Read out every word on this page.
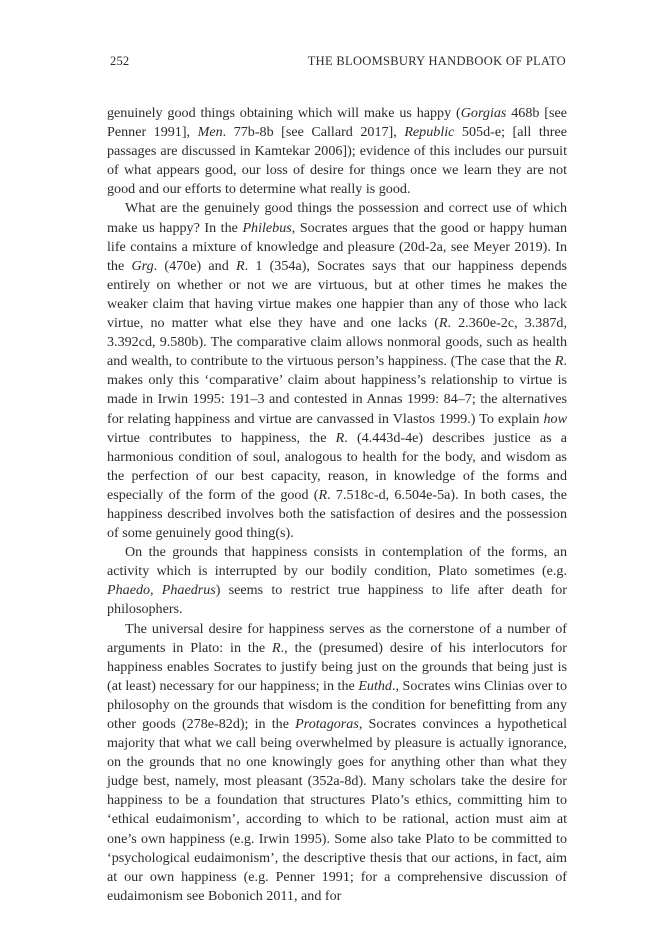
252	THE BLOOMSBURY HANDBOOK OF PLATO

genuinely good things obtaining which will make us happy (Gorgias 468b [see Penner 1991], Men. 77b-8b [see Callard 2017], Republic 505d-e; [all three passages are discussed in Kamtekar 2006]); evidence of this includes our pursuit of what appears good, our loss of desire for things once we learn they are not good and our efforts to determine what really is good.

What are the genuinely good things the possession and correct use of which make us happy? In the Philebus, Socrates argues that the good or happy human life contains a mixture of knowledge and pleasure (20d-2a, see Meyer 2019). In the Grg. (470e) and R. 1 (354a), Socrates says that our happiness depends entirely on whether or not we are virtuous, but at other times he makes the weaker claim that having virtue makes one happier than any of those who lack virtue, no matter what else they have and one lacks (R. 2.360e-2c, 3.387d, 3.392cd, 9.580b). The comparative claim allows nonmoral goods, such as health and wealth, to contribute to the virtuous person’s happiness. (The case that the R. makes only this ‘comparative’ claim about happiness’s relationship to virtue is made in Irwin 1995: 191–3 and contested in Annas 1999: 84–7; the alternatives for relating happiness and virtue are canvassed in Vlastos 1999.) To explain how virtue contributes to happiness, the R. (4.443d-4e) describes justice as a harmonious condition of soul, analogous to health for the body, and wisdom as the perfection of our best capacity, reason, in knowledge of the forms and especially of the form of the good (R. 7.518c-d, 6.504e-5a). In both cases, the happiness described involves both the satisfaction of desires and the possession of some genuinely good thing(s).

On the grounds that happiness consists in contemplation of the forms, an activity which is interrupted by our bodily condition, Plato sometimes (e.g. Phaedo, Phaedrus) seems to restrict true happiness to life after death for philosophers.

The universal desire for happiness serves as the cornerstone of a number of arguments in Plato: in the R., the (presumed) desire of his interlocutors for happiness enables Socrates to justify being just on the grounds that being just is (at least) necessary for our happiness; in the Euthd., Socrates wins Clinias over to philosophy on the grounds that wisdom is the condition for benefitting from any other goods (278e-82d); in the Protagoras, Socrates convinces a hypothetical majority that what we call being overwhelmed by pleasure is actually ignorance, on the grounds that no one knowingly goes for anything other than what they judge best, namely, most pleasant (352a-8d). Many scholars take the desire for happiness to be a foundation that structures Plato’s ethics, committing him to ‘ethical eudaimonism’, according to which to be rational, action must aim at one’s own happiness (e.g. Irwin 1995). Some also take Plato to be committed to ‘psychological eudaimonism’, the descriptive thesis that our actions, in fact, aim at our own happiness (e.g. Penner 1991; for a comprehensive discussion of eudaimonism see Bobonich 2011, and for
